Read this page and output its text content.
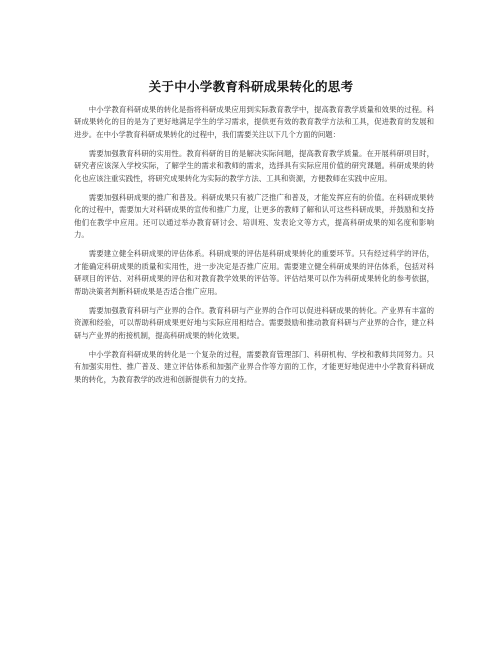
关于中小学教育科研成果转化的思考

中小学教育科研成果的转化是指将科研成果应用到实际教育教学中，提高教育教学质量和效果的过程。科研成果转化的目的是为了更好地满足学生的学习需求，提供更有效的教育教学方法和工具，促进教育的发展和进步。在中小学教育科研成果转化的过程中，我们需要关注以下几个方面的问题：

需要加强教育科研的实用性。教育科研的目的是解决实际问题，提高教育教学质量。在开展科研项目时，研究者应该深入学校实际，了解学生的需求和教师的需求，选择具有实际应用价值的研究课题。科研成果的转化也应该注重实践性，将研究成果转化为实际的教学方法、工具和资源，方便教师在实践中应用。

需要加强科研成果的推广和普及。科研成果只有被广泛推广和普及，才能发挥应有的价值。在科研成果转化的过程中，需要加大对科研成果的宣传和推广力度，让更多的教师了解和认可这些科研成果，并鼓励和支持他们在教学中应用。还可以通过举办教育研讨会、培训班、发表论文等方式，提高科研成果的知名度和影响力。

需要建立健全科研成果的评估体系。科研成果的评估是科研成果转化的重要环节。只有经过科学的评估，才能确定科研成果的质量和实用性，进一步决定是否推广应用。需要建立健全科研成果的评估体系，包括对科研项目的评估、对科研成果的评估和对教育教学效果的评估等。评估结果可以作为科研成果转化的参考依据，帮助决策者判断科研成果是否适合推广应用。

需要加强教育科研与产业界的合作。教育科研与产业界的合作可以促进科研成果的转化。产业界有丰富的资源和经验，可以帮助科研成果更好地与实际应用相结合。需要鼓励和推动教育科研与产业界的合作，建立科研与产业界的衔接机制，提高科研成果的转化效果。

中小学教育科研成果的转化是一个复杂的过程，需要教育管理部门、科研机构、学校和教师共同努力。只有加强实用性、推广普及、建立评估体系和加强产业界合作等方面的工作，才能更好地促进中小学教育科研成果的转化，为教育教学的改进和创新提供有力的支持。
